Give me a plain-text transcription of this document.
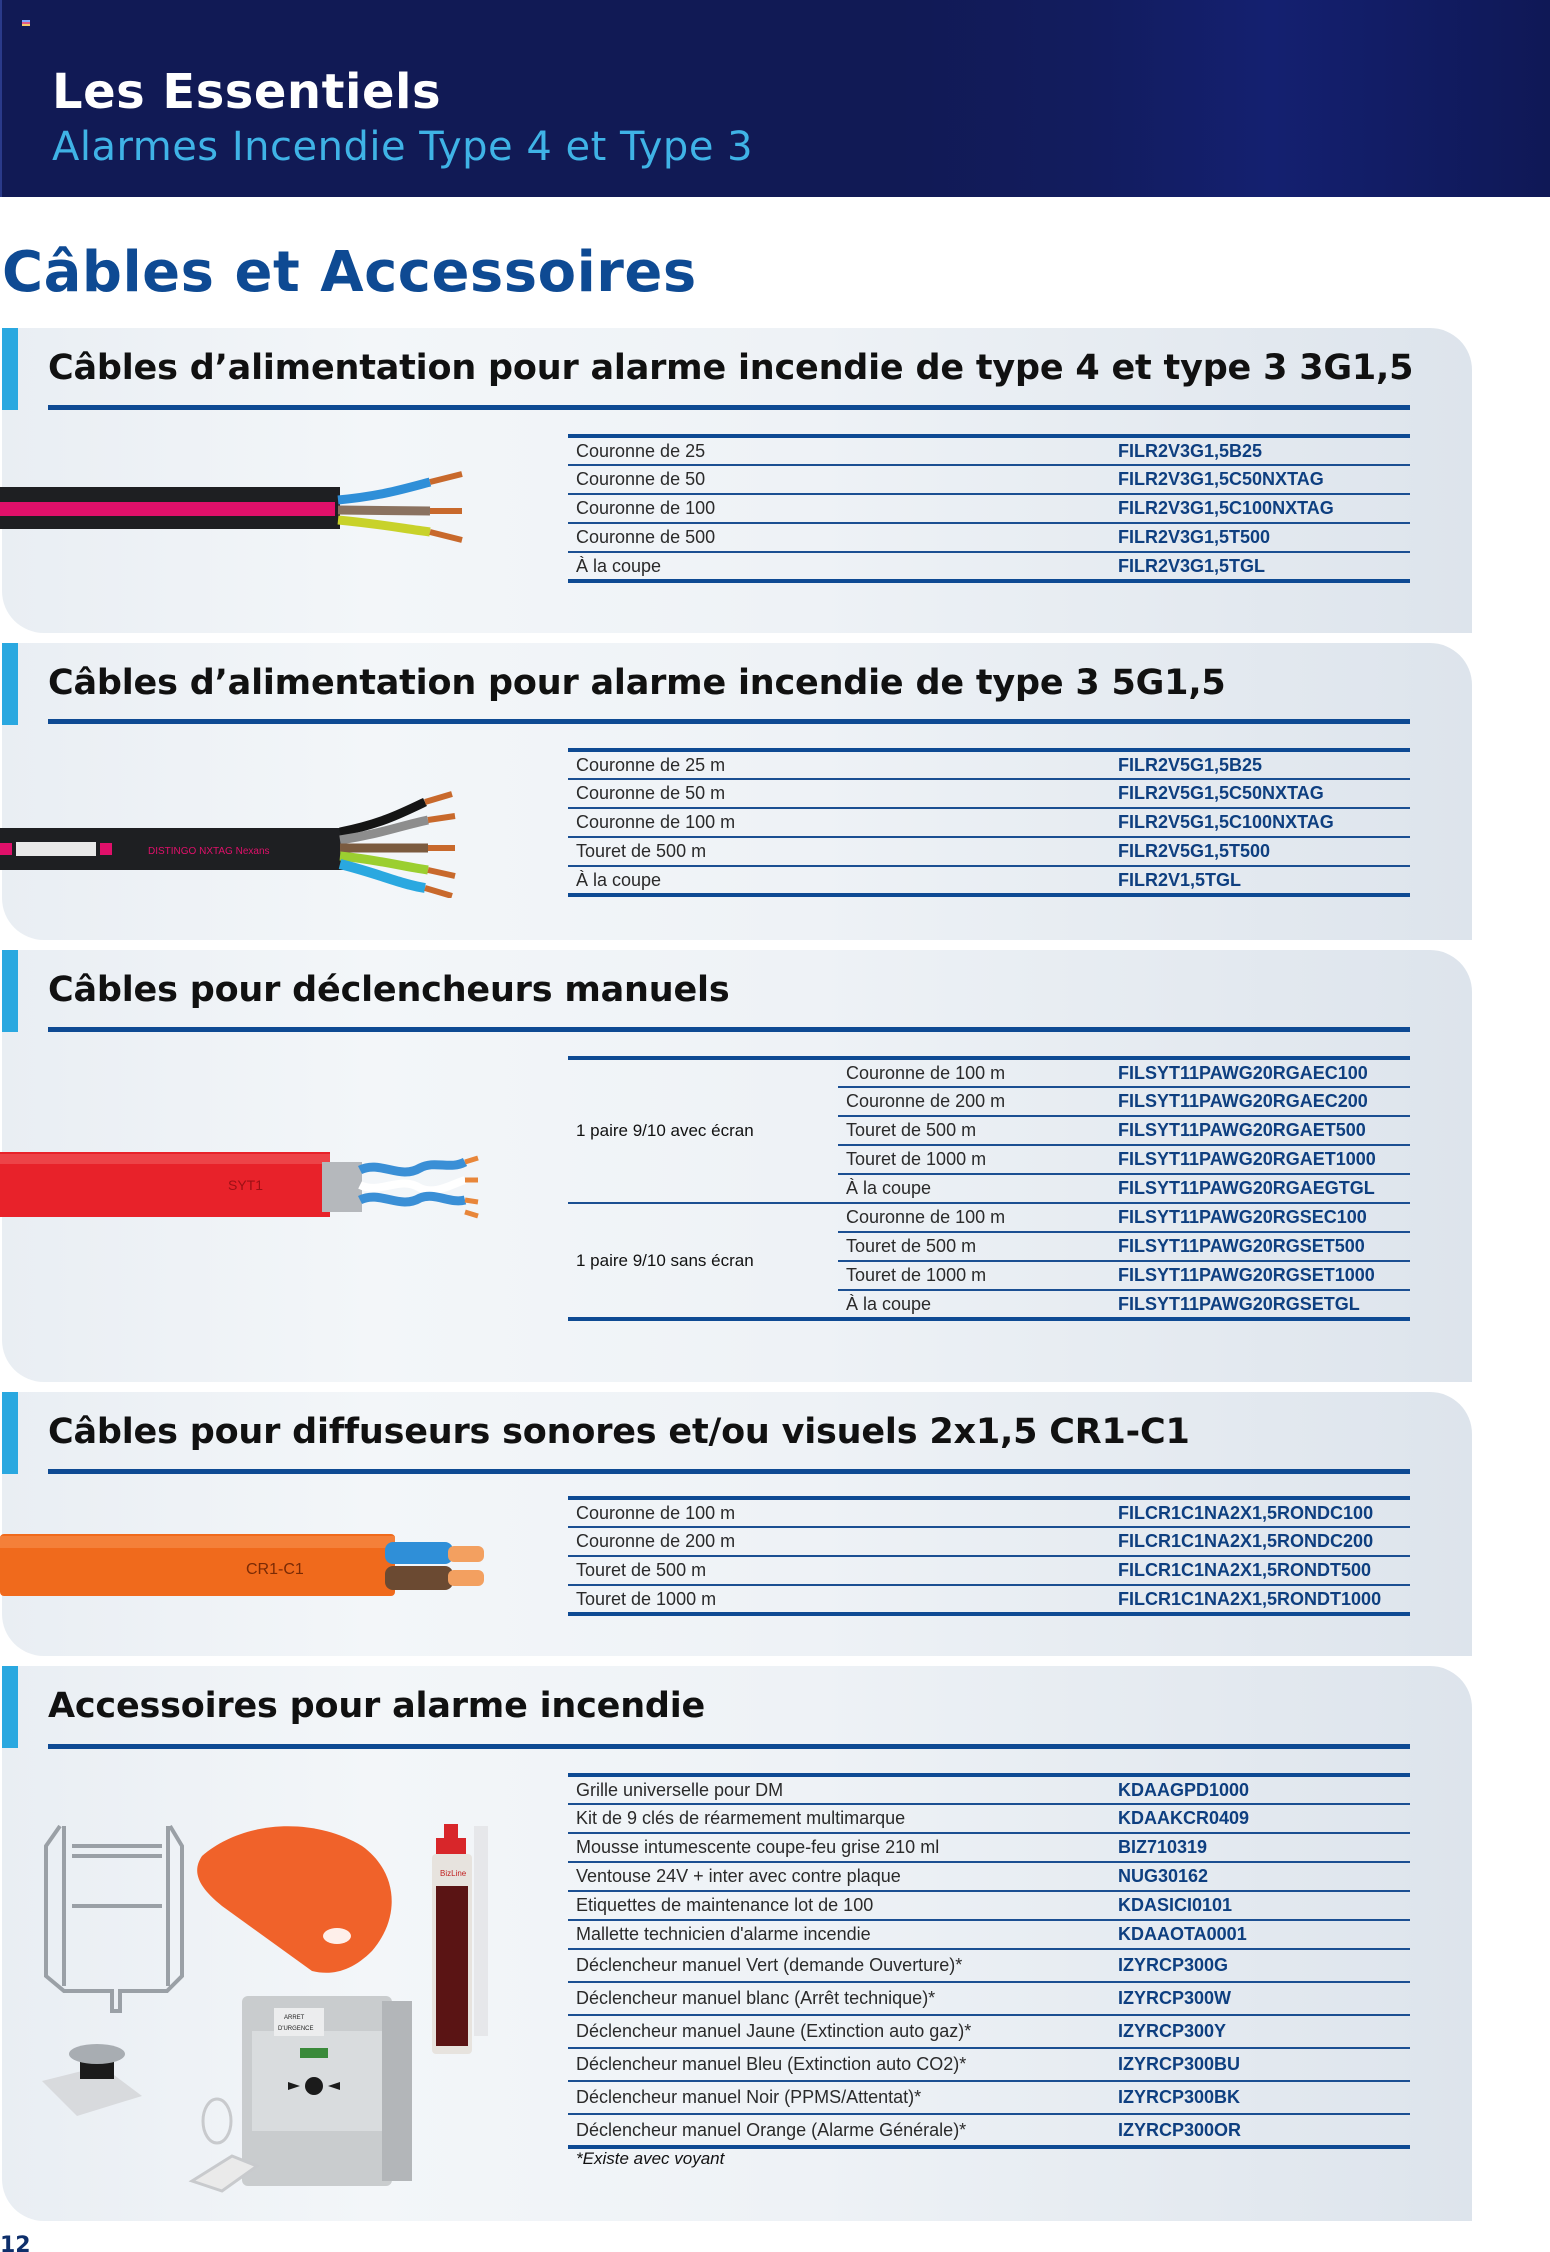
Les Essentiels
Alarmes Incendie Type 4 et Type 3
Câbles et Accessoires
Câbles d’alimentation pour alarme incendie de type 4 et type 3 3G1,5
Couronne de 25	FILR2V3G1,5B25
Couronne de 50	FILR2V3G1,5C50NXTAG
Couronne de 100	FILR2V3G1,5C100NXTAG
Couronne de 500	FILR2V3G1,5T500
À la coupe	FILR2V3G1,5TGL
Câbles d’alimentation pour alarme incendie de type 3 5G1,5
DISTINGO NXTAG Nexans
Couronne de 25 m	FILR2V5G1,5B25
Couronne de 50 m	FILR2V5G1,5C50NXTAG
Couronne de 100 m	FILR2V5G1,5C100NXTAG
Touret de 500 m	FILR2V5G1,5T500
À la coupe	FILR2V1,5TGL
Câbles pour déclencheurs manuels
SYT1
1 paire 9/10 avec écran	Couronne de 100 m	FILSYT11PAWG20RGAEC100
	Couronne de 200 m	FILSYT11PAWG20RGAEC200
	Touret de 500 m	FILSYT11PAWG20RGAET500
	Touret de 1000 m	FILSYT11PAWG20RGAET1000
	À la coupe	FILSYT11PAWG20RGAEGTGL
1 paire 9/10 sans écran	Couronne de 100 m	FILSYT11PAWG20RGSEC100
	Touret de 500 m	FILSYT11PAWG20RGSET500
	Touret de 1000 m	FILSYT11PAWG20RGSET1000
	À la coupe	FILSYT11PAWG20RGSETGL
Câbles pour diffuseurs sonores et/ou visuels 2x1,5 CR1-C1
CR1-C1
Couronne de 100 m	FILCR1C1NA2X1,5RONDC100
Couronne de 200 m	FILCR1C1NA2X1,5RONDC200
Touret de 500 m	FILCR1C1NA2X1,5RONDT500
Touret de 1000 m	FILCR1C1NA2X1,5RONDT1000
Accessoires pour alarme incendie
BizLine
ARRET
D'URGENCE
Grille universelle pour DM	KDAAGPD1000
Kit de 9 clés de réarmement multimarque	KDAAKCR0409
Mousse intumescente coupe-feu grise 210 ml	BIZ710319
Ventouse 24V + inter avec contre plaque	NUG30162
Etiquettes de maintenance lot de 100	KDASICI0101
Mallette technicien d'alarme incendie	KDAAOTA0001
Déclencheur manuel Vert (demande Ouverture)*	IZYRCP300G
Déclencheur manuel blanc (Arrêt technique)*	IZYRCP300W
Déclencheur manuel Jaune (Extinction auto gaz)*	IZYRCP300Y
Déclencheur manuel Bleu (Extinction auto CO2)*	IZYRCP300BU
Déclencheur manuel Noir (PPMS/Attentat)*	IZYRCP300BK
Déclencheur manuel Orange (Alarme Générale)*	IZYRCP300OR
*Existe avec voyant
12
